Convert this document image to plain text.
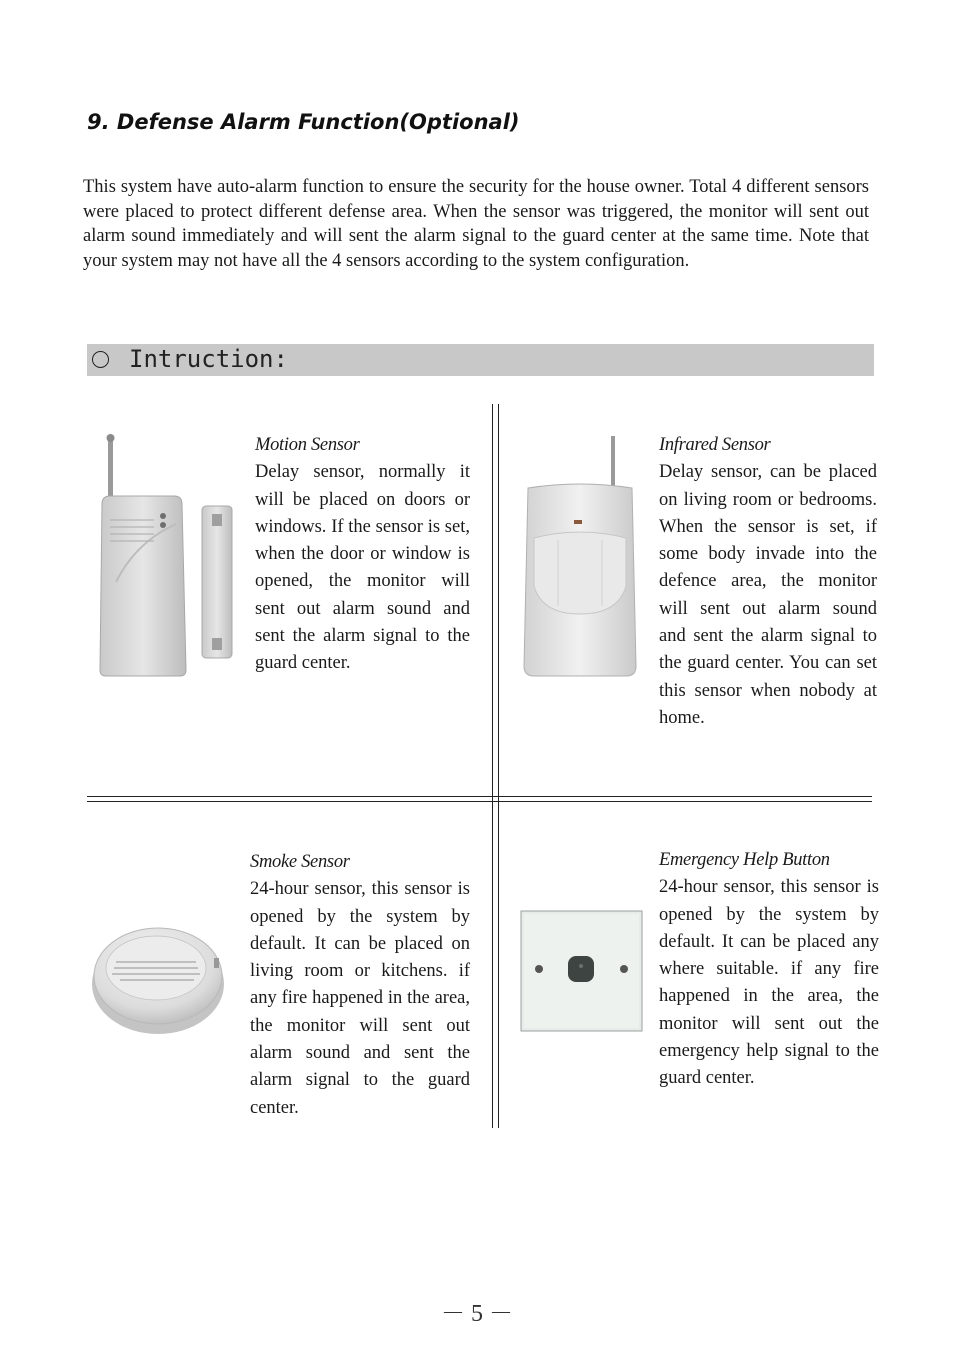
9. Defense Alarm Function(Optional)
This system have auto-alarm function to ensure the security for the house owner. Total 4 different sensors were placed to protect different defense area. When the sensor was triggered, the monitor will sent out alarm sound immediately and will sent the alarm signal to the guard center at the same time. Note that your system may not have all the 4 sensors according to the system configuration.
Intruction:
Motion Sensor
Delay sensor, normally it will be placed on doors or windows. If the sensor is set, when the door or window is opened, the monitor will sent out alarm sound and sent the alarm signal to the guard center.
Infrared Sensor
Delay sensor, can be placed on living room or bedrooms. When the sensor is set, if some body invade into the defence area, the monitor will sent out alarm sound and sent the alarm signal to the guard center. You can set this sensor when nobody at home.
Smoke Sensor
24-hour sensor, this sensor is opened by the system by default. It can be placed on living room or kitchens. if any fire happened in the area, the monitor will sent out alarm sound and sent the alarm signal to the guard center.
Emergency Help Button
24-hour sensor, this sensor is opened by the system by default. It can be placed any where suitable. if any fire happened in the area, the monitor will sent out the emergency help signal to the guard center.
－ 5 －
